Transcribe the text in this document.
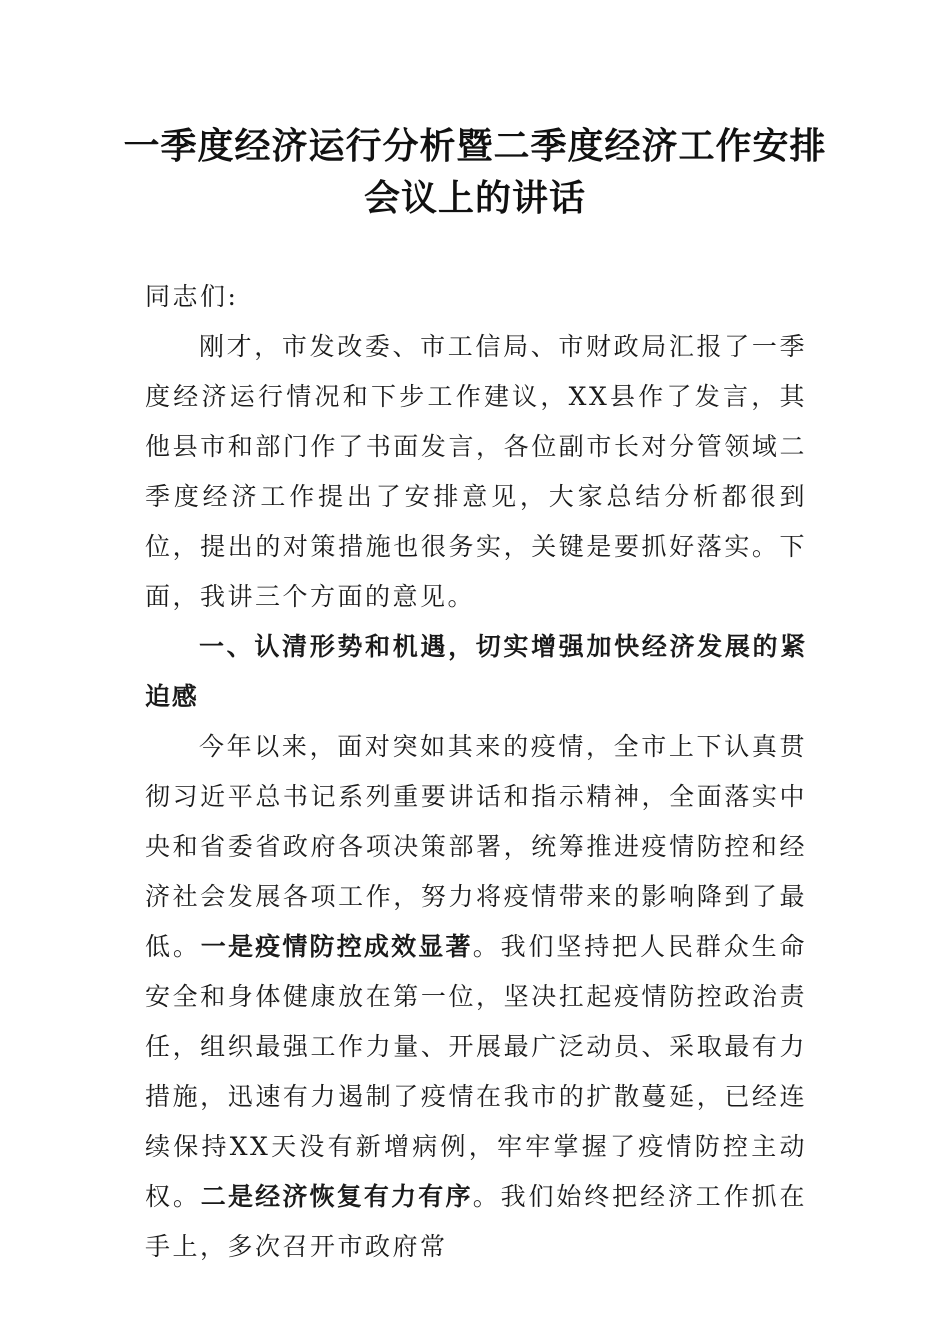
一季度经济运行分析暨二季度经济工作安排
会议上的讲话

同志们:

刚才，市发改委、市工信局、市财政局汇报了一季度经济运行情况和下步工作建议，XX县作了发言，其他县市和部门作了书面发言，各位副市长对分管领域二季度经济工作提出了安排意见，大家总结分析都很到位，提出的对策措施也很务实，关键是要抓好落实。下面，我讲三个方面的意见。

一、认清形势和机遇，切实增强加快经济发展的紧迫感

今年以来，面对突如其来的疫情，全市上下认真贯彻习近平总书记系列重要讲话和指示精神，全面落实中央和省委省政府各项决策部署，统筹推进疫情防控和经济社会发展各项工作，努力将疫情带来的影响降到了最低。一是疫情防控成效显著。我们坚持把人民群众生命安全和身体健康放在第一位，坚决扛起疫情防控政治责任，组织最强工作力量、开展最广泛动员、采取最有力措施，迅速有力遏制了疫情在我市的扩散蔓延，已经连续保持XX天没有新增病例，牢牢掌握了疫情防控主动权。二是经济恢复有力有序。我们始终把经济工作抓在手上，多次召开市政府常
